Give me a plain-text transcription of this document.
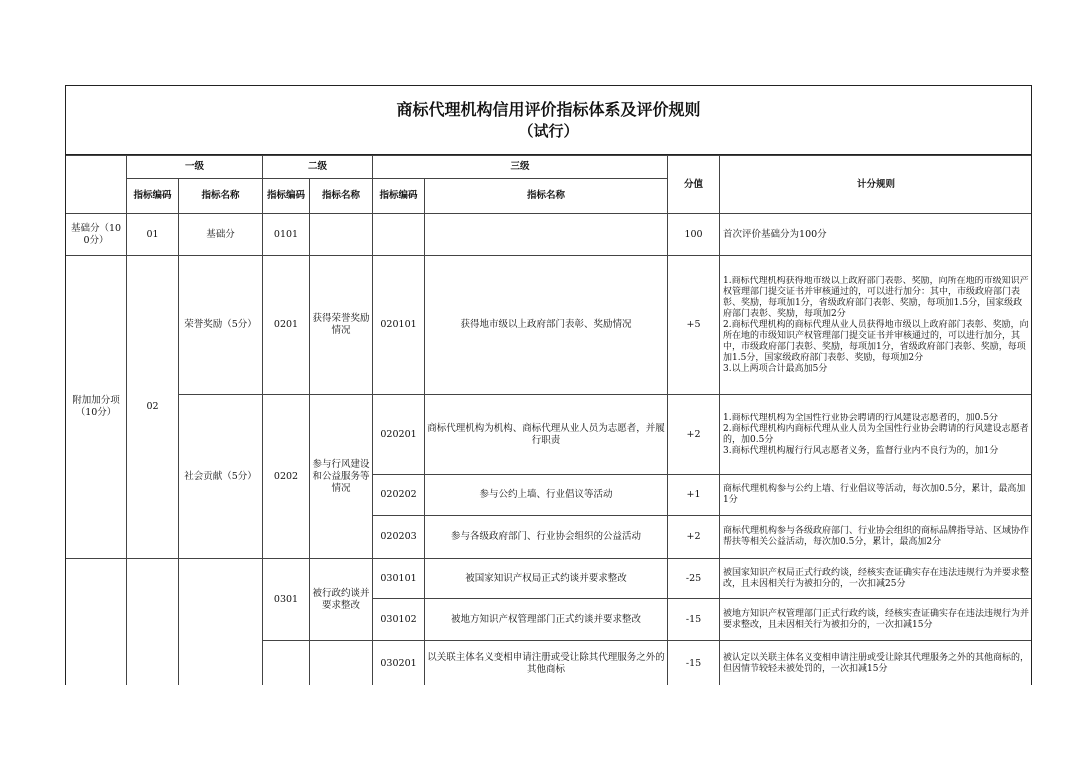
商标代理机构信用评价指标体系及评价规则
（试行）
	一级		二级		三级		分值	计分规则
	指标编码	指标名称	指标编码	指标名称	指标编码	指标名称		
基础分（100分）	01	基础分	0101				100	首次评价基础分为100分
附加加分项（10分）	02	荣誉奖励（5分）	0201	获得荣誉奖励情况	020101	获得地市级以上政府部门表彰、奖励情况	+5	1.商标代理机构获得地市级以上政府部门表彰、奖励，向所在地的市级知识产权管理部门提交证书并审核通过的，可以进行加分：其中，市级政府部门表彰、奖励，每项加1分，省级政府部门表彰、奖励，每项加1.5分，国家级政府部门表彰、奖励，每项加2分
2.商标代理机构的商标代理从业人员获得地市级以上政府部门表彰、奖励，向所在地的市级知识产权管理部门提交证书并审核通过的，可以进行加分，其中，市级政府部门表彰、奖励，每项加1分，省级政府部门表彰、奖励，每项加1.5分，国家级政府部门表彰、奖励，每项加2分
3.以上两项合计最高加5分

		社会贡献（5分）	0202	参与行风建设和公益服务等情况	020201	商标代理机构为机构、商标代理从业人员为志愿者，并履行职责	+2	1.商标代理机构为全国性行业协会聘请的行风建设志愿者的，加0.5分
2.商标代理机构内商标代理从业人员为全国性行业协会聘请的行风建设志愿者的，加0.5分
3.商标代理机构履行行风志愿者义务，监督行业内不良行为的，加1分

					020202	参与公约上墙、行业倡议等活动	+1	商标代理机构参与公约上墙、行业倡议等活动，每次加0.5分，累计，最高加1分
					020203	参与各级政府部门、行业协会组织的公益活动	+2	商标代理机构参与各级政府部门、行业协会组织的商标品牌指导站、区域协作帮扶等相关公益活动，每次加0.5分，累计，最高加2分
			0301	被行政约谈并要求整改	030101	被国家知识产权局正式约谈并要求整改	-25	被国家知识产权局正式行政约谈，经核实查证确实存在违法违规行为并要求整改，且未因相关行为被扣分的，一次扣减25分
					030102	被地方知识产权管理部门正式约谈并要求整改	-15	被地方知识产权管理部门正式行政约谈，经核实查证确实存在违法违规行为并要求整改，且未因相关行为被扣分的，一次扣减15分
					030201	以关联主体名义变相申请注册或受让除其代理服务之外的其他商标	-15	被认定以关联主体名义变相申请注册或受让除其代理服务之外的其他商标的，但因情节较轻未被处罚的，一次扣减15分
